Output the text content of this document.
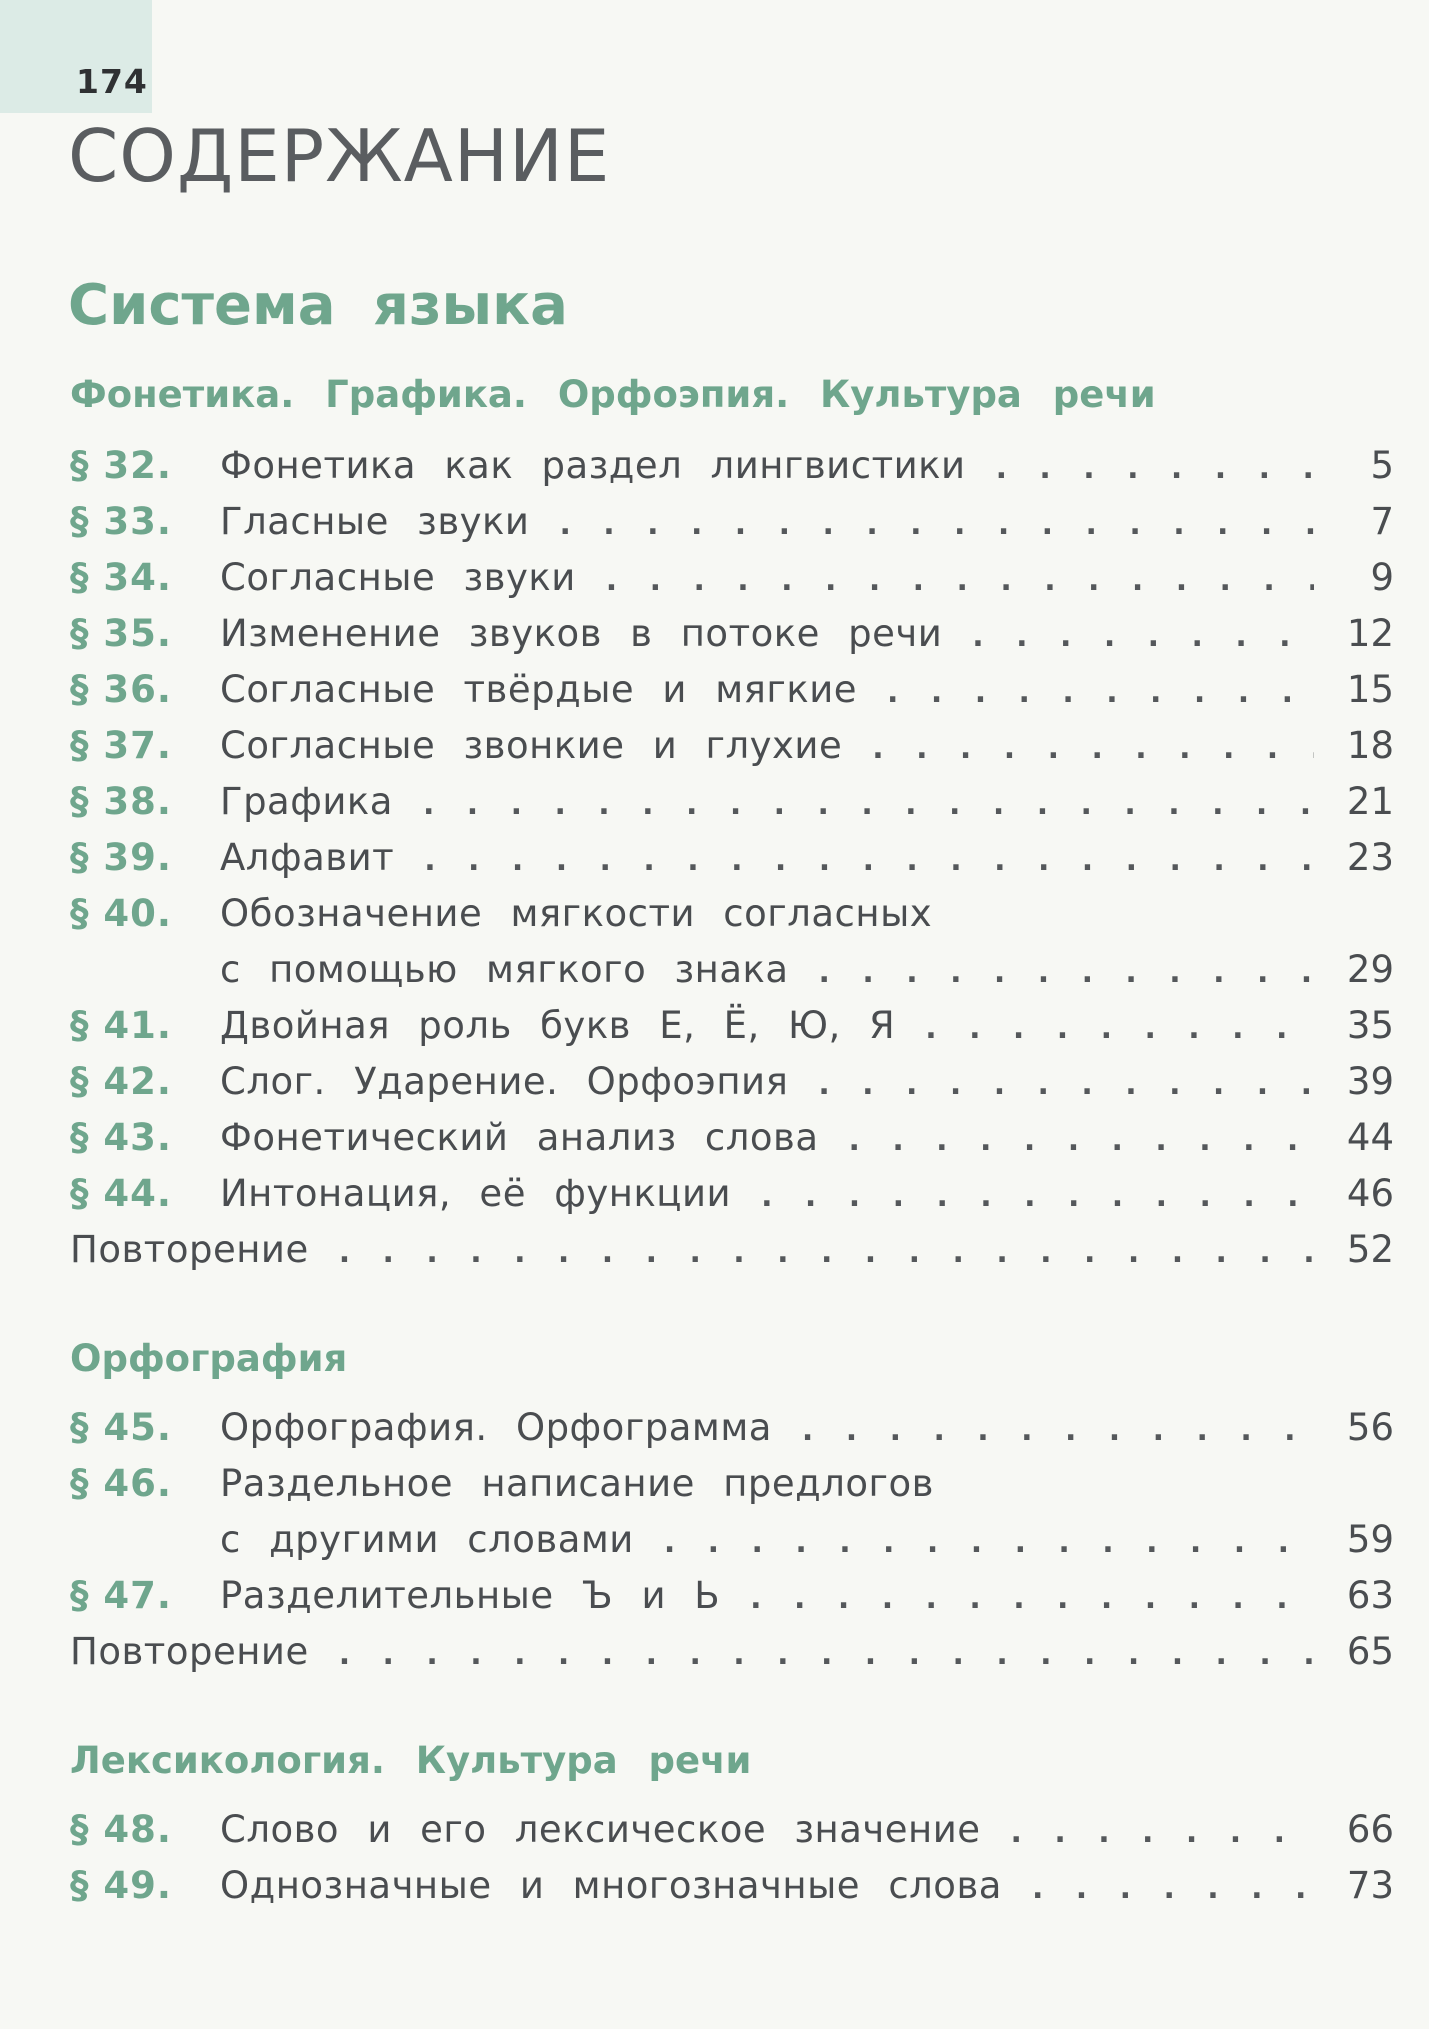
174
СОДЕРЖАНИЕ
Система языка
Фонетика. Графика. Орфоэпия. Культура речи
§ 32.	Фонетика как раздел лингвистики . . .	5
§ 33.	Гласные звуки . . .	7
§ 34.	Согласные звуки . . .	9
§ 35.	Изменение звуков в потоке речи . . .	12
§ 36.	Согласные твёрдые и мягкие . . .	15
§ 37.	Согласные звонкие и глухие . . .	18
§ 38.	Графика . . .	21
§ 39.	Алфавит . . .	23
§ 40.	Обозначение мягкости согласных
с помощью мягкого знака . . .	29
§ 41.	Двойная роль букв Е, Ё, Ю, Я . . .	35
§ 42.	Слог. Ударение. Орфоэпия . . .	39
§ 43.	Фонетический анализ слова . . .	44
§ 44.	Интонация, её функции . . .	46
Повторение . . .	52
Орфография
§ 45.	Орфография. Орфограмма . . .	56
§ 46.	Раздельное написание предлогов
с другими словами . . .	59
§ 47.	Разделительные Ъ и Ь . . .	63
Повторение . . .	65
Лексикология. Культура речи
§ 48.	Слово и его лексическое значение . . .	66
§ 49.	Однозначные и многозначные слова . . .	73
